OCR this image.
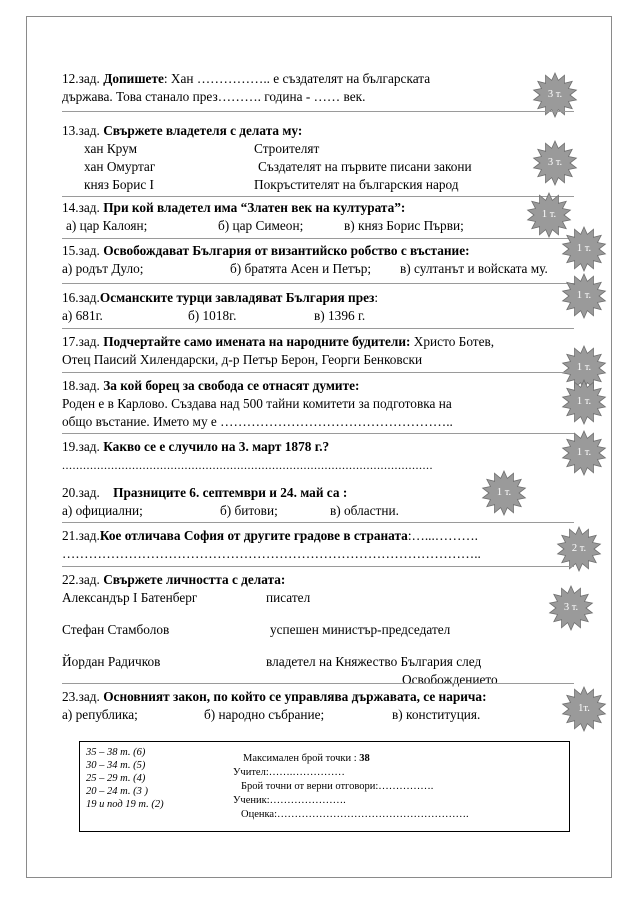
12.зад. Допишете: Хан …………….. е създателят на българската
държава. Това станало през………. година - …… век.	3 т.
13.зад. Свържете владетеля с делата му:
хан Крум	Строителят
хан Омуртаг	Създателят на първите писани закони
княз Борис I	Покръстителят на българския народ
3 т.
14.зад. При кой владетел има “Златен век на културата”:
а) цар Калоян;	б) цар Симеон;	в) княз Борис Първи;
1 т.
15.зад. Освобождават България от византийско робство с въстание:
а) родът Дуло;	б) братята Асен и Петър; в) султанът и войската му.
1 т.
16.зад.Османските турци завладяват България през:
а) 681г.	б) 1018г.	в) 1396 г.
1 т.
17.зад. Подчертайте само имената на народните будители: Христо Ботев,
Отец Паисий Хилендарски, д-р Петър Берон, Георги Бенковски
1 т.
18.зад. За кой борец за свобода се отнасят думите:
Роден е в Карлово. Създава над 500 тайни комитети за подготовка на
общо въстание. Името му е ……………………………………………..
1 т.
19.зад. Какво се е случило на 3. март 1878 г.?
..........................................................................................................
1 т.
20.зад. Празниците 6. септември и 24. май са :
а) официални;	б) битови;	в) областни.
1 т.
21.зад.Кое отличава София от другите градове в страната:…...……….
…………………………………………………………………………………..	2 т.
22.зад. Свържете личността с делата:
Александър I Батенберг	писател
Стефан Стамболов	успешен министър-председател
Йордан Радичков	владетел на Княжество България след
Освобождението
3 т.
23.зад. Основният закон, по който се управлява държавата, се нарича:
а) република;	б) народно събрание;	в) конституция.	1т.
35 – 38 т. (6)
30 – 34 т. (5)
25 – 29 т. (4)
20 – 24 т. (3 )
19 и под 19 т. (2)
Максимален брой точки : 38
Учител:…….……………
Брой точни от верни отговори:…………….
Ученик:………………….
Оценка:……………………………………………….
